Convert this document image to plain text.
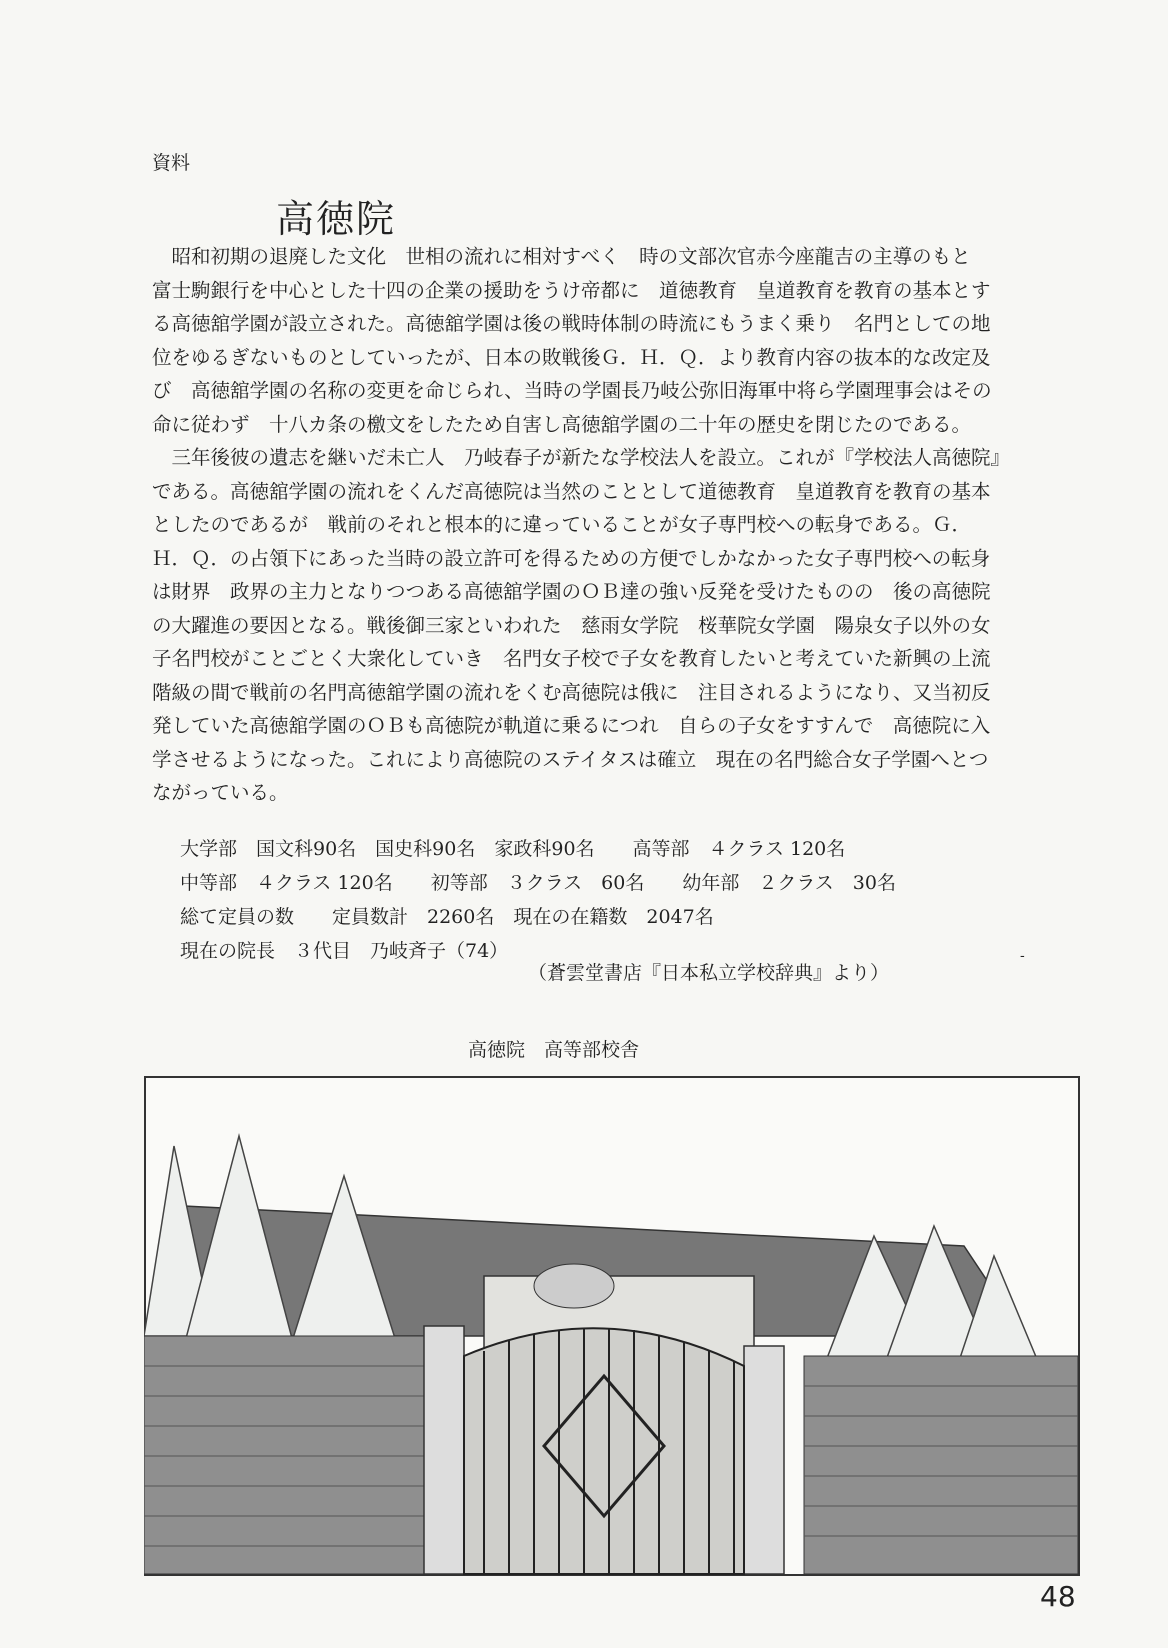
資料
高徳院

昭和初期の退廃した文化　世相の流れに相対すべく　時の文部次官赤今座龍吉の主導のもと　富士駒銀行を中心とした十四の企業の援助をうけ帝都に　道徳教育　皇道教育を教育の基本とする高徳舘学園が設立された。高徳舘学園は後の戦時体制の時流にもうまく乗り　名門としての地位をゆるぎないものとしていったが、日本の敗戦後Ｇ．Ｈ．Ｑ．より教育内容の抜本的な改定及び　高徳舘学園の名称の変更を命じられ、当時の学園長乃岐公弥旧海軍中将ら学園理事会はその命に従わず　十八カ条の檄文をしたため自害し高徳舘学園の二十年の歴史を閉じたのである。

三年後彼の遺志を継いだ未亡人　乃岐春子が新たな学校法人を設立。これが『学校法人高徳院』である。高徳舘学園の流れをくんだ高徳院は当然のこととして道徳教育　皇道教育を教育の基本としたのであるが　戦前のそれと根本的に違っていることが女子専門校への転身である。Ｇ．Ｈ．Ｑ．の占領下にあった当時の設立許可を得るための方便でしかなかった女子専門校への転身は財界　政界の主力となりつつある高徳舘学園のＯＢ達の強い反発を受けたものの　後の高徳院の大躍進の要因となる。戦後御三家といわれた　慈雨女学院　桜華院女学園　陽泉女子以外の女子名門校がことごとく大衆化していき　名門女子校で子女を教育したいと考えていた新興の上流階級の間で戦前の名門高徳舘学園の流れをくむ高徳院は俄に　注目されるようになり、又当初反発していた高徳舘学園のＯＢも高徳院が軌道に乗るにつれ　自らの子女をすすんで　高徳院に入学させるようになった。これにより高徳院のステイタスは確立　現在の名門総合女子学園へとつながっている。

大学部　国文科90名　国史科90名　家政科90名　　高等部　４クラス 120名
中等部　４クラス 120名　　初等部　３クラス　60名　　幼年部　２クラス　30名
総て定員の数　　定員数計　2260名　現在の在籍数　2047名
現在の院長　３代目　乃岐斉子（74）
（蒼雲堂書店『日本私立学校辞典』より）
-
高徳院　高等部校舎
48
